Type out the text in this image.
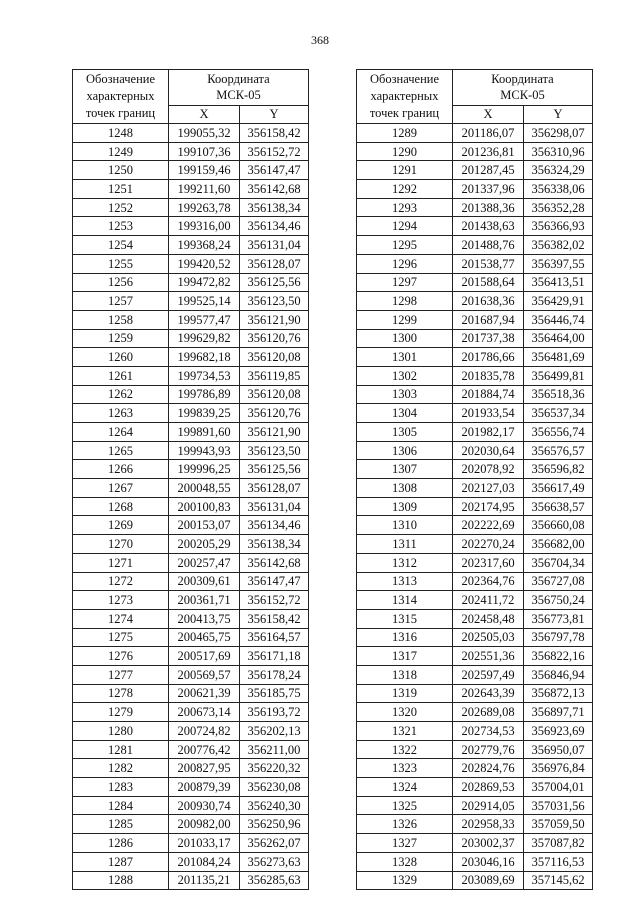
368
Обозначение
характерных
точек границ	Координата
МСК-05	
	X	Y
1248	199055,32	356158,42
1249	199107,36	356152,72
1250	199159,46	356147,47
1251	199211,60	356142,68
1252	199263,78	356138,34
1253	199316,00	356134,46
1254	199368,24	356131,04
1255	199420,52	356128,07
1256	199472,82	356125,56
1257	199525,14	356123,50
1258	199577,47	356121,90
1259	199629,82	356120,76
1260	199682,18	356120,08
1261	199734,53	356119,85
1262	199786,89	356120,08
1263	199839,25	356120,76
1264	199891,60	356121,90
1265	199943,93	356123,50
1266	199996,25	356125,56
1267	200048,55	356128,07
1268	200100,83	356131,04
1269	200153,07	356134,46
1270	200205,29	356138,34
1271	200257,47	356142,68
1272	200309,61	356147,47
1273	200361,71	356152,72
1274	200413,75	356158,42
1275	200465,75	356164,57
1276	200517,69	356171,18
1277	200569,57	356178,24
1278	200621,39	356185,75
1279	200673,14	356193,72
1280	200724,82	356202,13
1281	200776,42	356211,00
1282	200827,95	356220,32
1283	200879,39	356230,08
1284	200930,74	356240,30
1285	200982,00	356250,96
1286	201033,17	356262,07
1287	201084,24	356273,63
1288	201135,21	356285,63
Обозначение
характерных
точек границ	Координата
МСК-05	
	X	Y
1289	201186,07	356298,07
1290	201236,81	356310,96
1291	201287,45	356324,29
1292	201337,96	356338,06
1293	201388,36	356352,28
1294	201438,63	356366,93
1295	201488,76	356382,02
1296	201538,77	356397,55
1297	201588,64	356413,51
1298	201638,36	356429,91
1299	201687,94	356446,74
1300	201737,38	356464,00
1301	201786,66	356481,69
1302	201835,78	356499,81
1303	201884,74	356518,36
1304	201933,54	356537,34
1305	201982,17	356556,74
1306	202030,64	356576,57
1307	202078,92	356596,82
1308	202127,03	356617,49
1309	202174,95	356638,57
1310	202222,69	356660,08
1311	202270,24	356682,00
1312	202317,60	356704,34
1313	202364,76	356727,08
1314	202411,72	356750,24
1315	202458,48	356773,81
1316	202505,03	356797,78
1317	202551,36	356822,16
1318	202597,49	356846,94
1319	202643,39	356872,13
1320	202689,08	356897,71
1321	202734,53	356923,69
1322	202779,76	356950,07
1323	202824,76	356976,84
1324	202869,53	357004,01
1325	202914,05	357031,56
1326	202958,33	357059,50
1327	203002,37	357087,82
1328	203046,16	357116,53
1329	203089,69	357145,62
